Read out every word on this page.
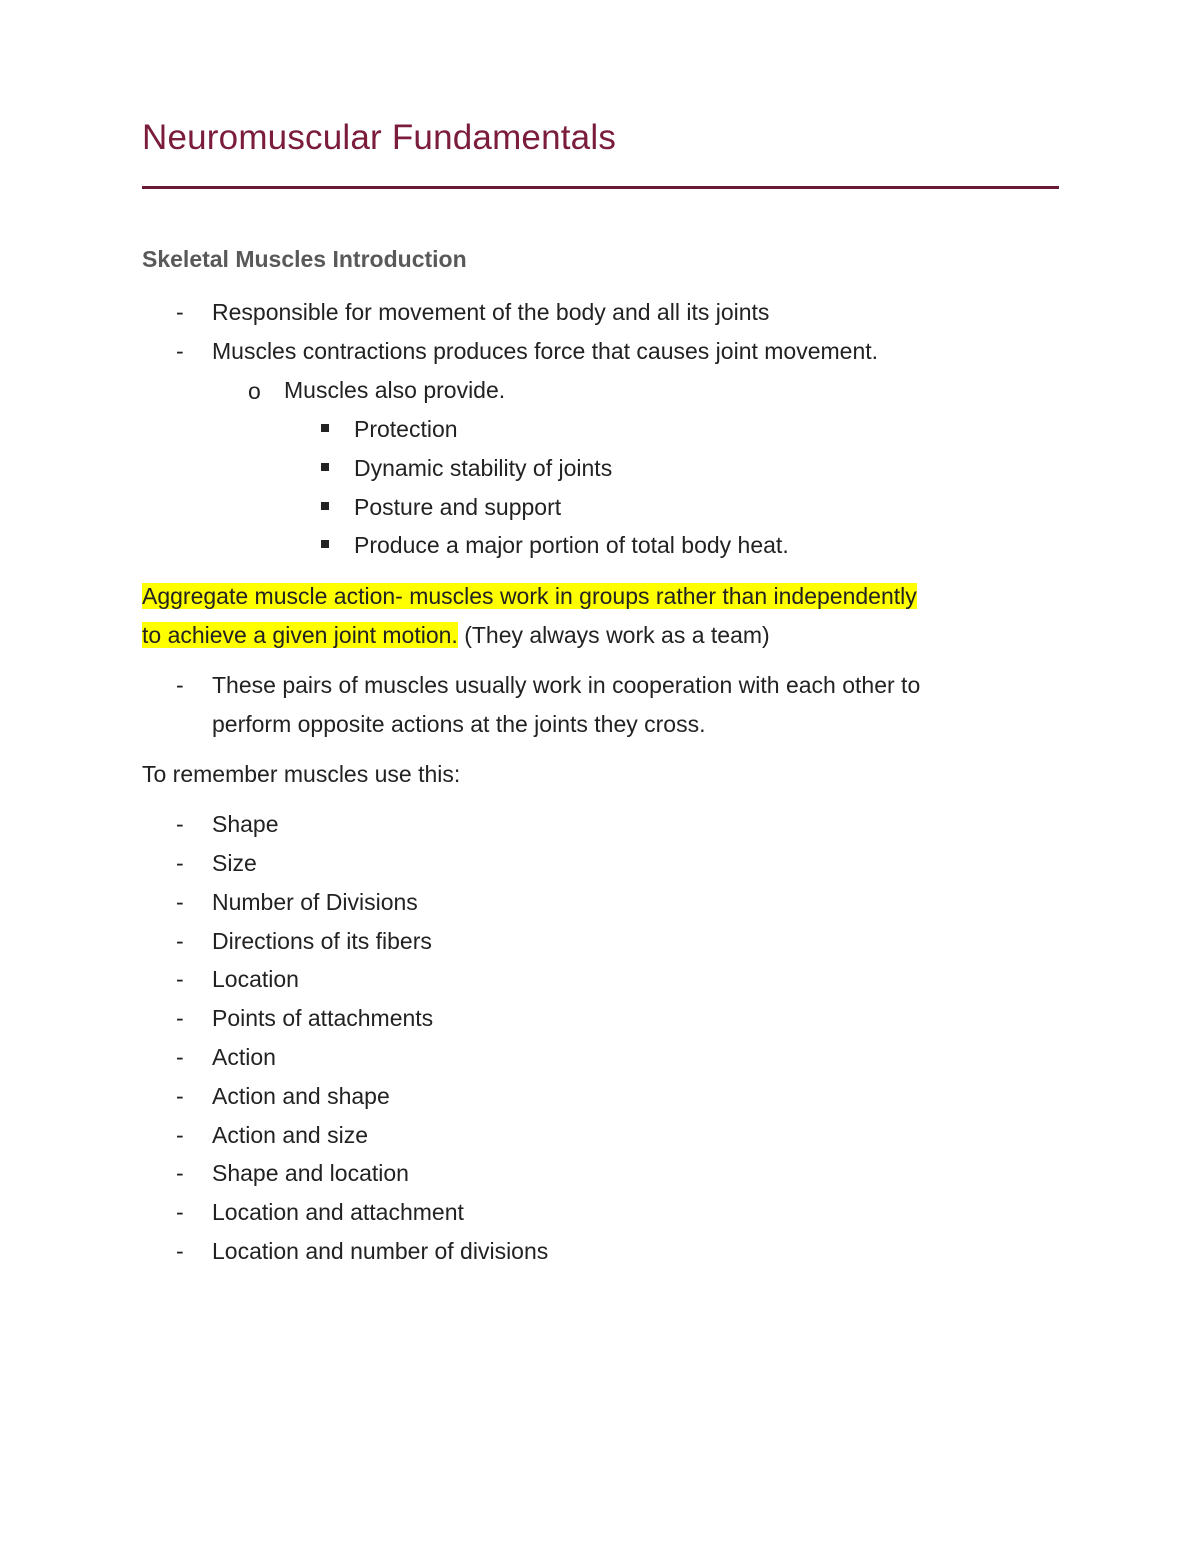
Neuromuscular Fundamentals
Skeletal Muscles Introduction
- Responsible for movement of the body and all its joints
- Muscles contractions produces force that causes joint movement.
o Muscles also provide.
Protection
Dynamic stability of joints
Posture and support
Produce a major portion of total body heat.
Aggregate muscle action- muscles work in groups rather than independently
to achieve a given joint motion. (They always work as a team)
- These pairs of muscles usually work in cooperation with each other to
perform opposite actions at the joints they cross.
To remember muscles use this:
- Shape
- Size
- Number of Divisions
- Directions of its fibers
- Location
- Points of attachments
- Action
- Action and shape
- Action and size
- Shape and location
- Location and attachment
- Location and number of divisions
